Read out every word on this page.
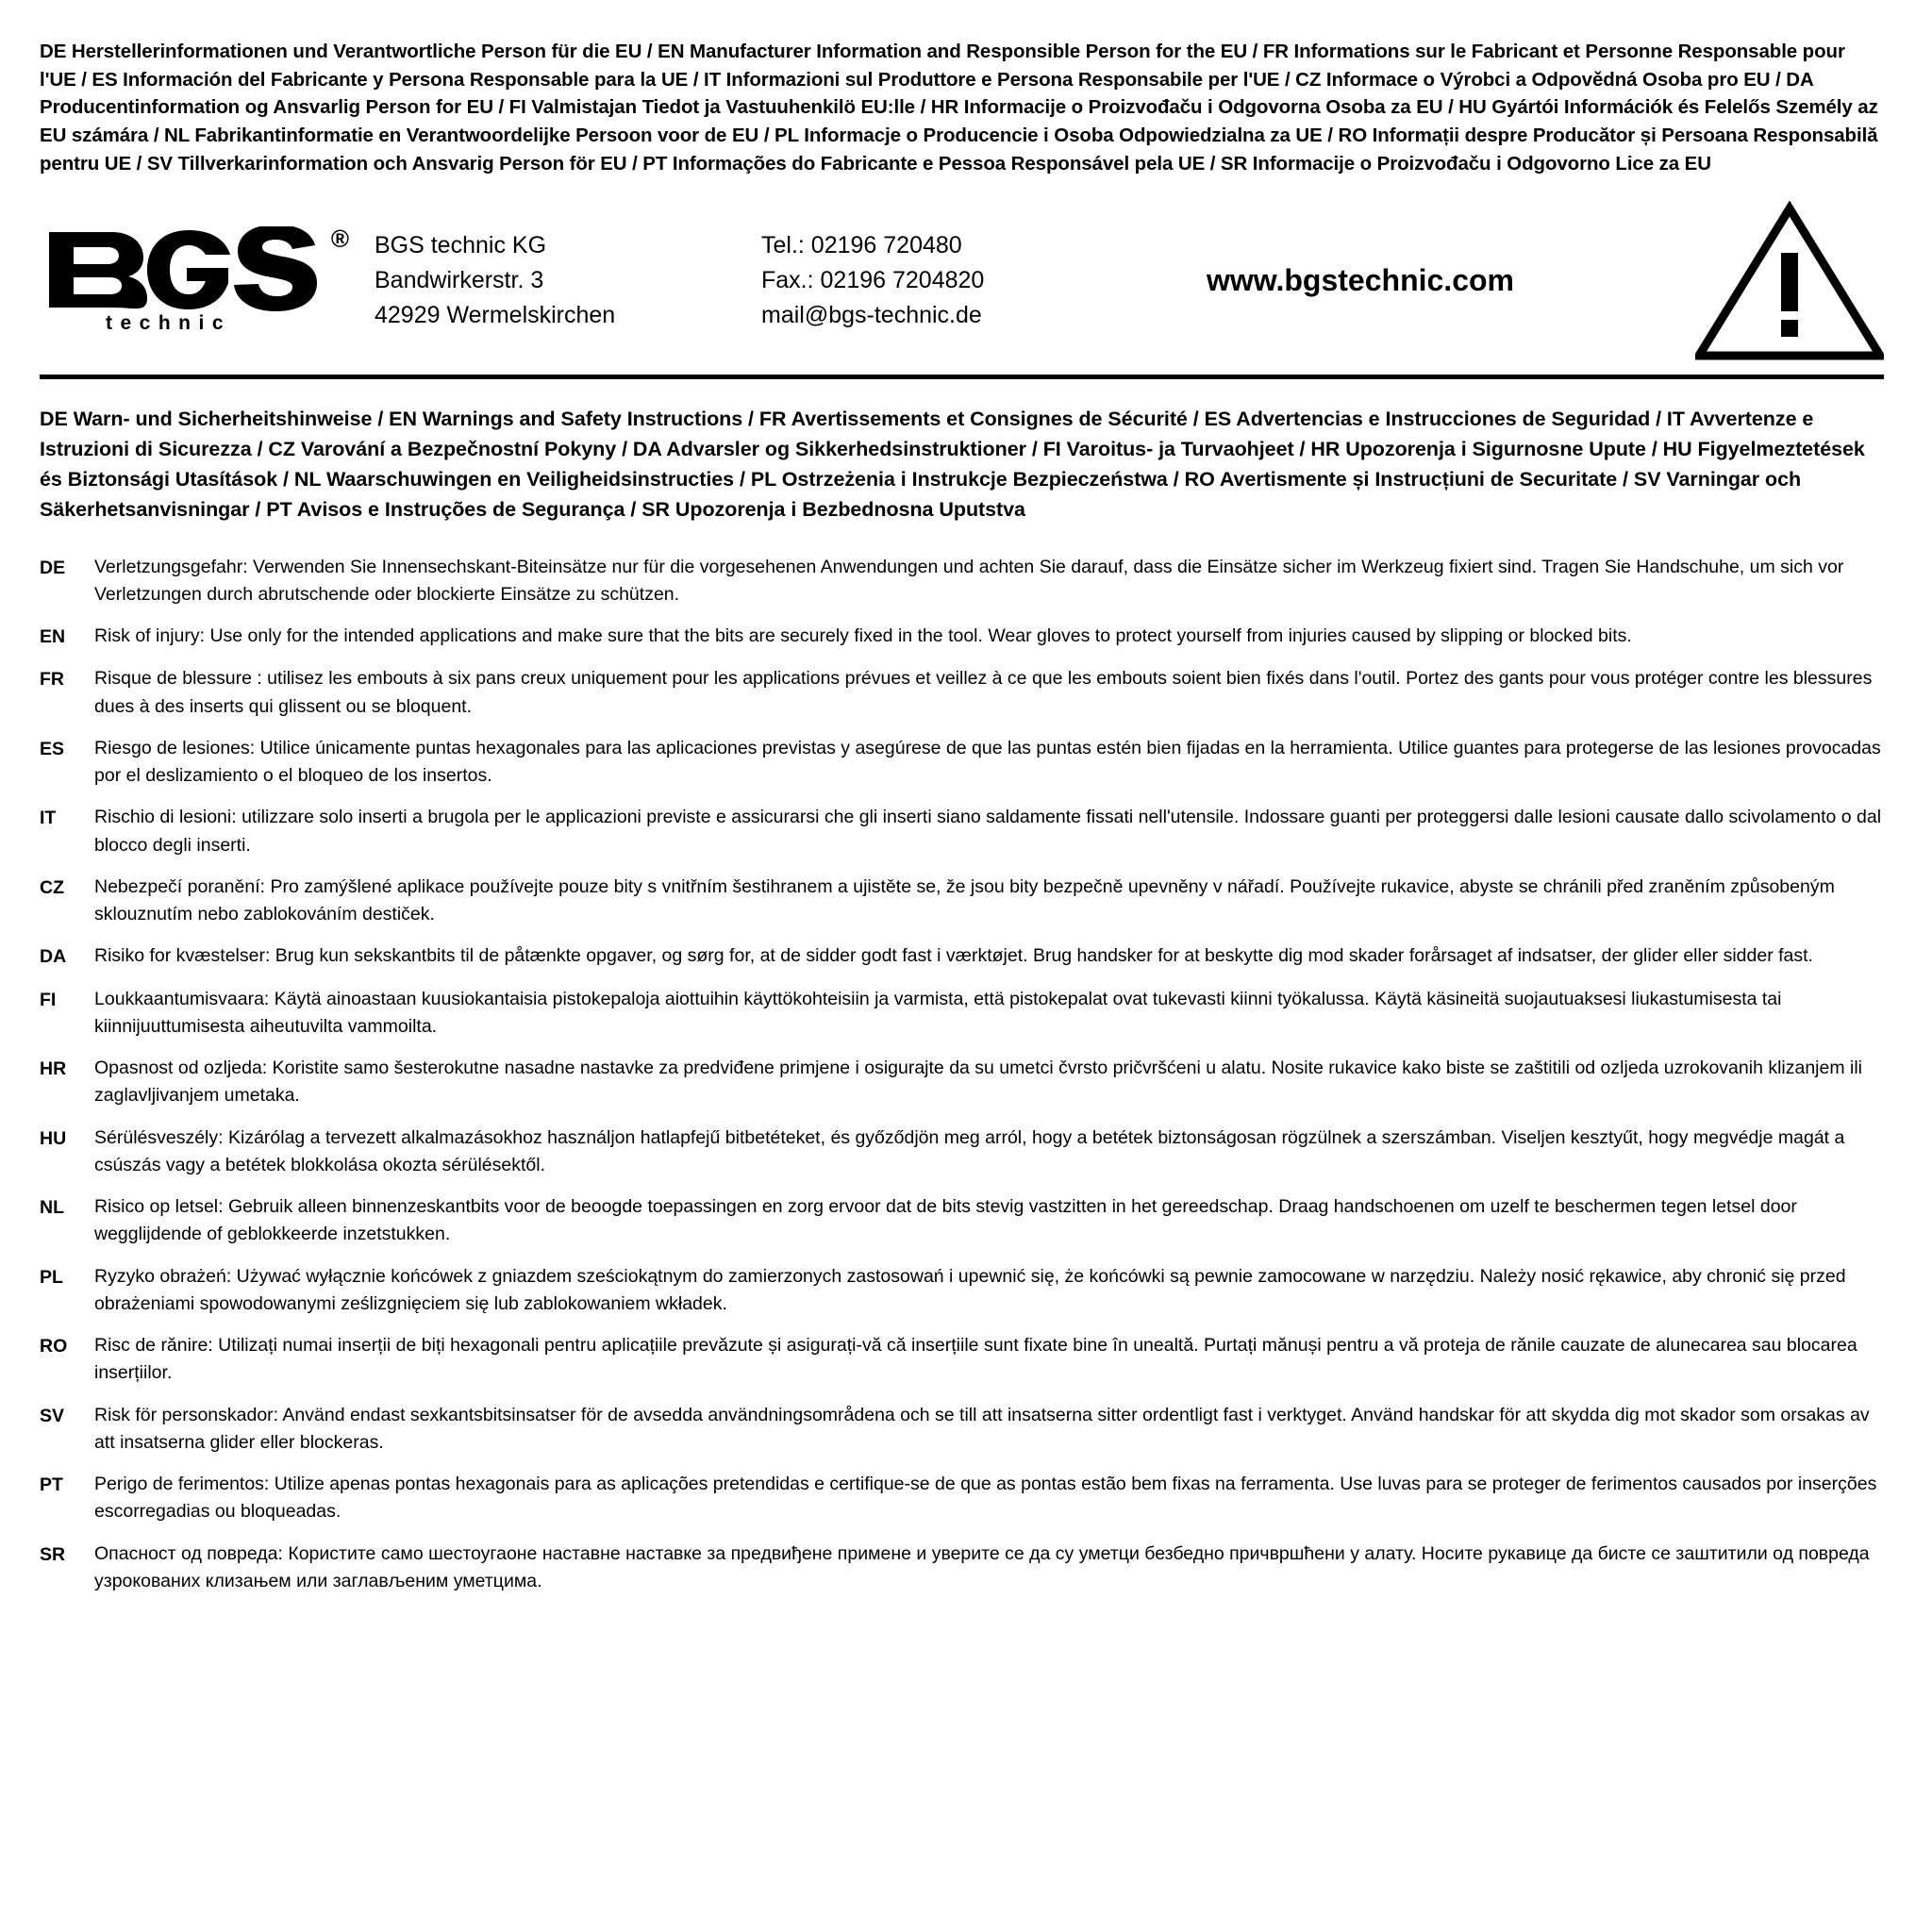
DE Herstellerinformationen und Verantwortliche Person für die EU / EN Manufacturer Information and Responsible Person for the EU / FR Informations sur le Fabricant et Personne Responsable pour l'UE / ES Información del Fabricante y Persona Responsable para la UE / IT Informazioni sul Produttore e Persona Responsabile per l'UE / CZ Informace o Výrobci a Odpovědná Osoba pro EU / DA Producentinformation og Ansvarlig Person for EU / FI Valmistajan Tiedot ja Vastuuhenkilö EU:lle / HR Informacije o Proizvođaču i Odgovorna Osoba za EU / HU Gyártói Információk és Felelős Személy az EU számára / NL Fabrikantinformatie en Verantwoordelijke Persoon voor de EU / PL Informacje o Producencie i Osoba Odpowiedzialna za UE / RO Informații despre Producător și Persoana Responsabilă pentru UE / SV Tillverkarinformation och Ansvarig Person för EU / PT Informações do Fabricante e Pessoa Responsável pela UE / SR Informacije o Proizvođaču i Odgovorno Lice za EU
®
technic
BGS technic KG
Bandwirkerstr. 3
42929 Wermelskirchen
Tel.: 02196 720480
Fax.: 02196 7204820
mail@bgs-technic.de
www.bgstechnic.com
DE Warn- und Sicherheitshinweise / EN Warnings and Safety Instructions / FR Avertissements et Consignes de Sécurité / ES Advertencias e Instrucciones de Seguridad / IT Avvertenze e Istruzioni di Sicurezza / CZ Varování a Bezpečnostní Pokyny / DA Advarsler og Sikkerhedsinstruktioner / FI Varoitus- ja Turvaohjeet / HR Upozorenja i Sigurnosne Upute / HU Figyelmeztetések és Biztonsági Utasítások / NL Waarschuwingen en Veiligheidsinstructies / PL Ostrzeżenia i Instrukcje Bezpieczeństwa / RO Avertismente și Instrucțiuni de Securitate / SV Varningar och Säkerhetsanvisningar / PT Avisos e Instruções de Segurança / SR Upozorenja i Bezbednosna Uputstva
DE	Verletzungsgefahr: Verwenden Sie Innensechskant-Biteinsätze nur für die vorgesehenen Anwendungen und achten Sie darauf, dass die Einsätze sicher im Werkzeug fixiert sind. Tragen Sie Handschuhe, um sich vor Verletzungen durch abrutschende oder blockierte Einsätze zu schützen.
EN	Risk of injury: Use only for the intended applications and make sure that the bits are securely fixed in the tool. Wear gloves to protect yourself from injuries caused by slipping or blocked bits.
FR	Risque de blessure : utilisez les embouts à six pans creux uniquement pour les applications prévues et veillez à ce que les embouts soient bien fixés dans l'outil. Portez des gants pour vous protéger contre les blessures dues à des inserts qui glissent ou se bloquent.
ES	Riesgo de lesiones: Utilice únicamente puntas hexagonales para las aplicaciones previstas y asegúrese de que las puntas estén bien fijadas en la herramienta. Utilice guantes para protegerse de las lesiones provocadas por el deslizamiento o el bloqueo de los insertos.
IT	Rischio di lesioni: utilizzare solo inserti a brugola per le applicazioni previste e assicurarsi che gli inserti siano saldamente fissati nell'utensile. Indossare guanti per proteggersi dalle lesioni causate dallo scivolamento o dal blocco degli inserti.
CZ	Nebezpečí poranění: Pro zamýšlené aplikace používejte pouze bity s vnitřním šestihranem a ujistěte se, že jsou bity bezpečně upevněny v nářadí. Používejte rukavice, abyste se chránili před zraněním způsobeným sklouznutím nebo zablokováním destiček.
DA	Risiko for kvæstelser: Brug kun sekskantbits til de påtænkte opgaver, og sørg for, at de sidder godt fast i værktøjet. Brug handsker for at beskytte dig mod skader forårsaget af indsatser, der glider eller sidder fast.
FI	Loukkaantumisvaara: Käytä ainoastaan kuusiokantaisia pistokepaloja aiottuihin käyttökohteisiin ja varmista, että pistokepalat ovat tukevasti kiinni työkalussa. Käytä käsineitä suojautuaksesi liukastumisesta tai kiinnijuuttumisesta aiheutuvilta vammoilta.
HR	Opasnost od ozljeda: Koristite samo šesterokutne nasadne nastavke za predviđene primjene i osigurajte da su umetci čvrsto pričvršćeni u alatu. Nosite rukavice kako biste se zaštitili od ozljeda uzrokovanih klizanjem ili zaglavljivanjem umetaka.
HU	Sérülésveszély: Kizárólag a tervezett alkalmazásokhoz használjon hatlapfejű bitbetéteket, és győződjön meg arról, hogy a betétek biztonságosan rögzülnek a szerszámban. Viseljen kesztyűt, hogy megvédje magát a csúszás vagy a betétek blokkolása okozta sérülésektől.
NL	Risico op letsel: Gebruik alleen binnenzeskantbits voor de beoogde toepassingen en zorg ervoor dat de bits stevig vastzitten in het gereedschap. Draag handschoenen om uzelf te beschermen tegen letsel door wegglijdende of geblokkeerde inzetstukken.
PL	Ryzyko obrażeń: Używać wyłącznie końcówek z gniazdem sześciokątnym do zamierzonych zastosowań i upewnić się, że końcówki są pewnie zamocowane w narzędziu. Należy nosić rękawice, aby chronić się przed obrażeniami spowodowanymi ześlizgnięciem się lub zablokowaniem wkładek.
RO	Risc de rănire: Utilizați numai inserții de biți hexagonali pentru aplicațiile prevăzute și asigurați-vă că inserțiile sunt fixate bine în unealtă. Purtați mănuși pentru a vă proteja de rănile cauzate de alunecarea sau blocarea inserțiilor.
SV	Risk för personskador: Använd endast sexkantsbitsinsatser för de avsedda användningsområdena och se till att insatserna sitter ordentligt fast i verktyget. Använd handskar för att skydda dig mot skador som orsakas av att insatserna glider eller blockeras.
PT	Perigo de ferimentos: Utilize apenas pontas hexagonais para as aplicações pretendidas e certifique-se de que as pontas estão bem fixas na ferramenta. Use luvas para se proteger de ferimentos causados por inserções escorregadias ou bloqueadas.
SR	Опасност од повреда: Користите само шестоугаоне наставне наставке за предвиђене примене и уверите се да су уметци безбедно причвршћени у алату. Носите рукавице да бисте се заштитили од повреда узрокованих клизањем или заглављеним уметцима.
